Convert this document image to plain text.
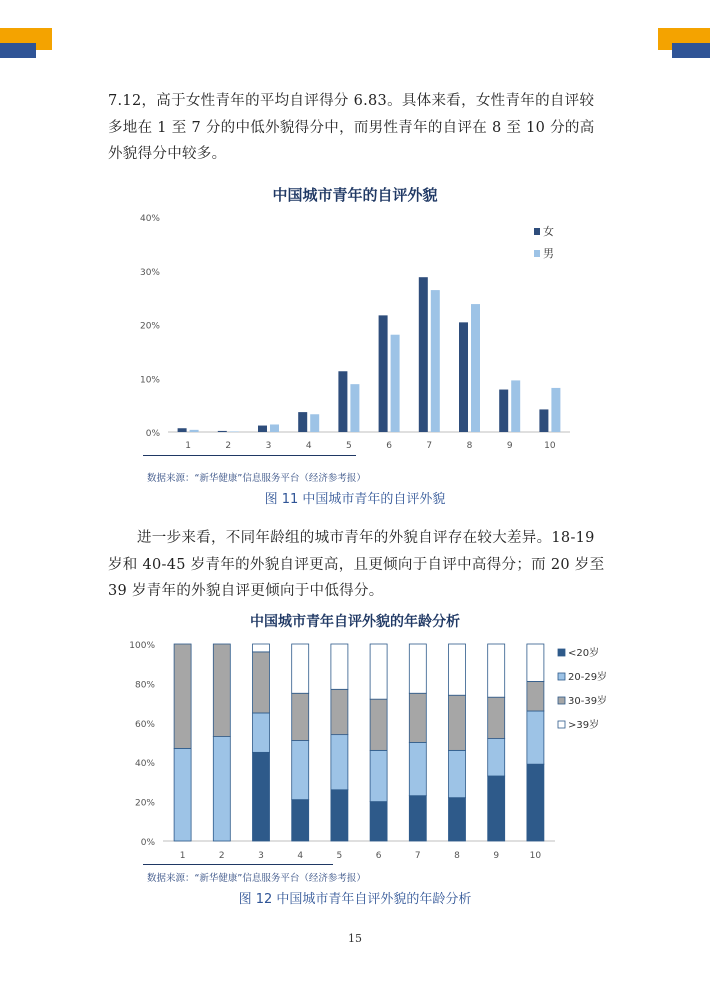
7.12，高于女性青年的平均自评得分 6.83。具体来看，女性青年的自评较多地在 1 至 7 分的中低外貌得分中，而男性青年的自评在 8 至 10 分的高外貌得分中较多。

中国城市青年的自评外貌
0%
10%
20%
30%
40%
1	2	3	4	5	6	7	8	9	10
女
男
数据来源：“新华健康”信息服务平台（经济参考报）
图 11 中国城市青年的自评外貌

进一步来看，不同年龄组的城市青年的外貌自评存在较大差异。18-19 岁和 40-45 岁青年的外貌自评更高，且更倾向于自评中高得分；而 20 岁至 39 岁青年的外貌自评更倾向于中低得分。

中国城市青年自评外貌的年龄分析
0%
20%
40%
60%
80%
100%
1	2	3	4	5	6	7	8	9	10
<20岁
20-29岁
30-39岁
>39岁
数据来源：“新华健康”信息服务平台（经济参考报）
图 12 中国城市青年自评外貌的年龄分析
15
